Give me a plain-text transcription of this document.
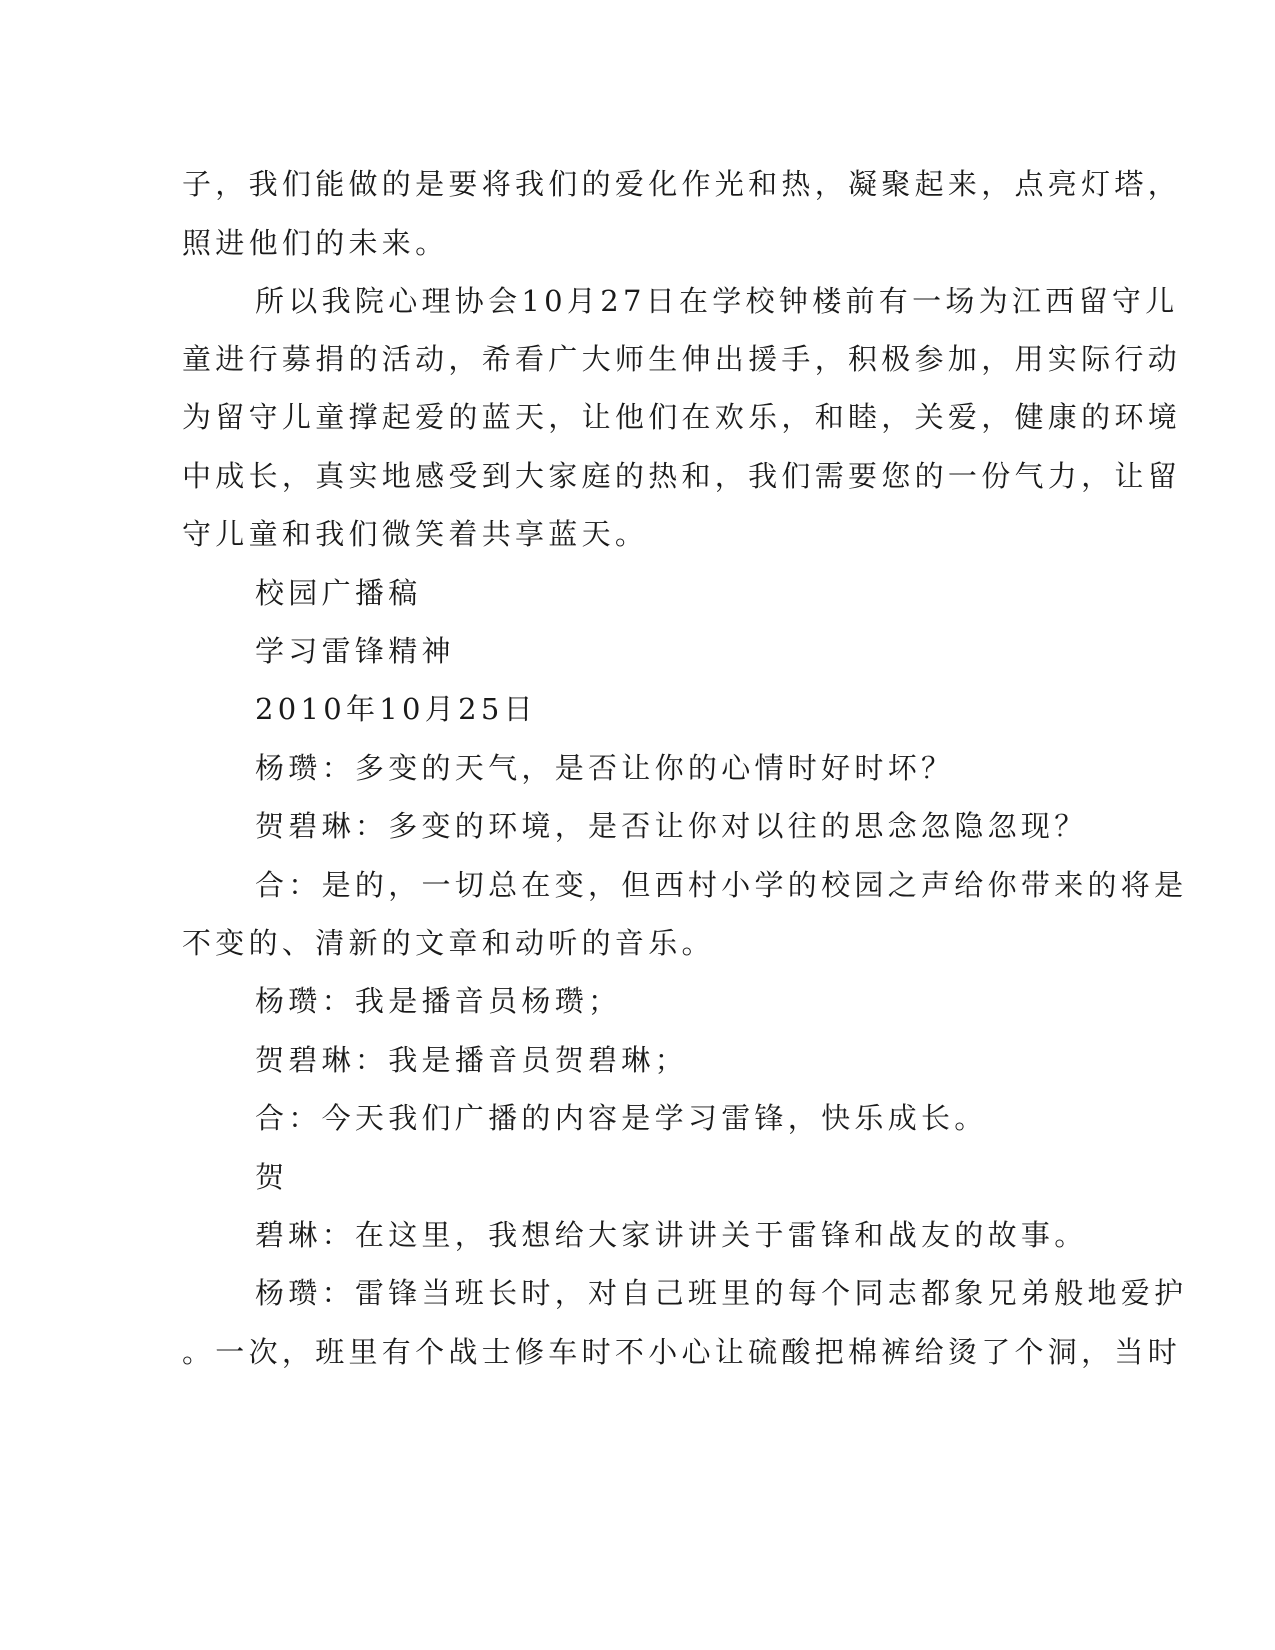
子，我们能做的是要将我们的爱化作光和热，凝聚起来，点亮灯塔，
照进他们的未来。
所以我院心理协会10月27日在学校钟楼前有一场为江西留守儿
童进行募捐的活动，希看广大师生伸出援手，积极参加，用实际行动
为留守儿童撑起爱的蓝天，让他们在欢乐，和睦，关爱，健康的环境
中成长，真实地感受到大家庭的热和，我们需要您的一份气力，让留
守儿童和我们微笑着共享蓝天。
校园广播稿
学习雷锋精神
2010年10月25日
杨瓒：多变的天气，是否让你的心情时好时坏？
贺碧琳：多变的环境，是否让你对以往的思念忽隐忽现？
合：是的，一切总在变，但西村小学的校园之声给你带来的将是
不变的、清新的文章和动听的音乐。
杨瓒：我是播音员杨瓒；
贺碧琳：我是播音员贺碧琳；
合：今天我们广播的内容是学习雷锋，快乐成长。
贺
碧琳：在这里，我想给大家讲讲关于雷锋和战友的故事。
杨瓒：雷锋当班长时，对自己班里的每个同志都象兄弟般地爱护
。一次，班里有个战士修车时不小心让硫酸把棉裤给烫了个洞，当时
